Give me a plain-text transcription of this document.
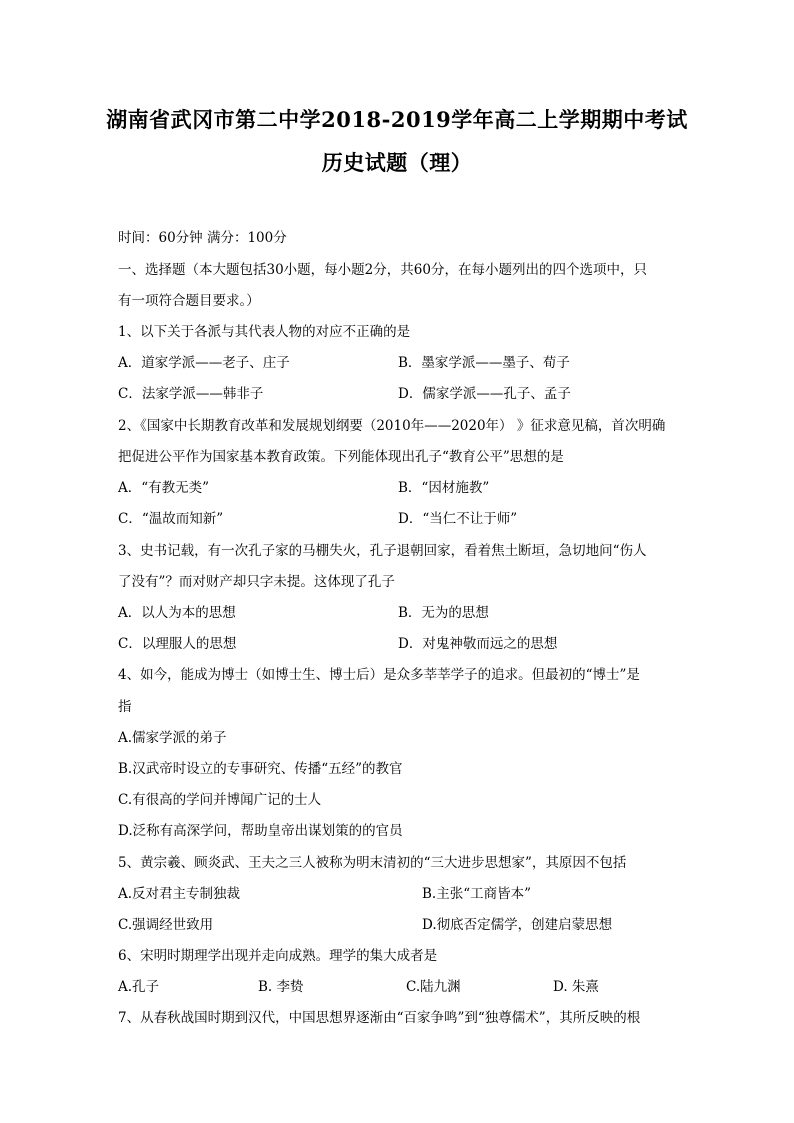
湖南省武冈市第二中学2018-2019学年高二上学期期中考试
历史试题（理）
时间：60分钟 满分：100分
一、选择题（本大题包括30小题，每小题2分，共60分，在每小题列出的四个选项中，只
有一项符合题目要求。）
1、以下关于各派与其代表人物的对应不正确的是
A．道家学派——老子、庄子	B．墨家学派——墨子、荀子
C．法家学派——韩非子	D．儒家学派——孔子、孟子
2、《国家中长期教育改革和发展规划纲要（2010年——2020年） 》征求意见稿，首次明确
把促进公平作为国家基本教育政策。下列能体现出孔子“教育公平”思想的是
A．“有教无类”	B．“因材施教”
C．“温故而知新”	D．“当仁不让于师”
3、史书记载，有一次孔子家的马棚失火，孔子退朝回家，看着焦土断垣，急切地问“伤人
了没有”？而对财产却只字未提。这体现了孔子
A．以人为本的思想	B．无为的思想
C．以理服人的思想	D．对鬼神敬而远之的思想
4、如今，能成为博士（如博士生、博士后）是众多莘莘学子的追求。但最初的“博士”是
指
A.儒家学派的弟子
B.汉武帝时设立的专事研究、传播“五经”的教官
C.有很高的学问并博闻广记的士人
D.泛称有高深学问，帮助皇帝出谋划策的的官员
5、黄宗羲、顾炎武、王夫之三人被称为明末清初的“三大进步思想家”，其原因不包括
A.反对君主专制独裁	B.主张“工商皆本”
C.强调经世致用	D.彻底否定儒学，创建启蒙思想
6、宋明时期理学出现并走向成熟。理学的集大成者是
A.孔子	B. 李贽	C.陆九渊	D. 朱熹
7、从春秋战国时期到汉代，中国思想界逐渐由“百家争鸣”到“独尊儒术”，其所反映的根
